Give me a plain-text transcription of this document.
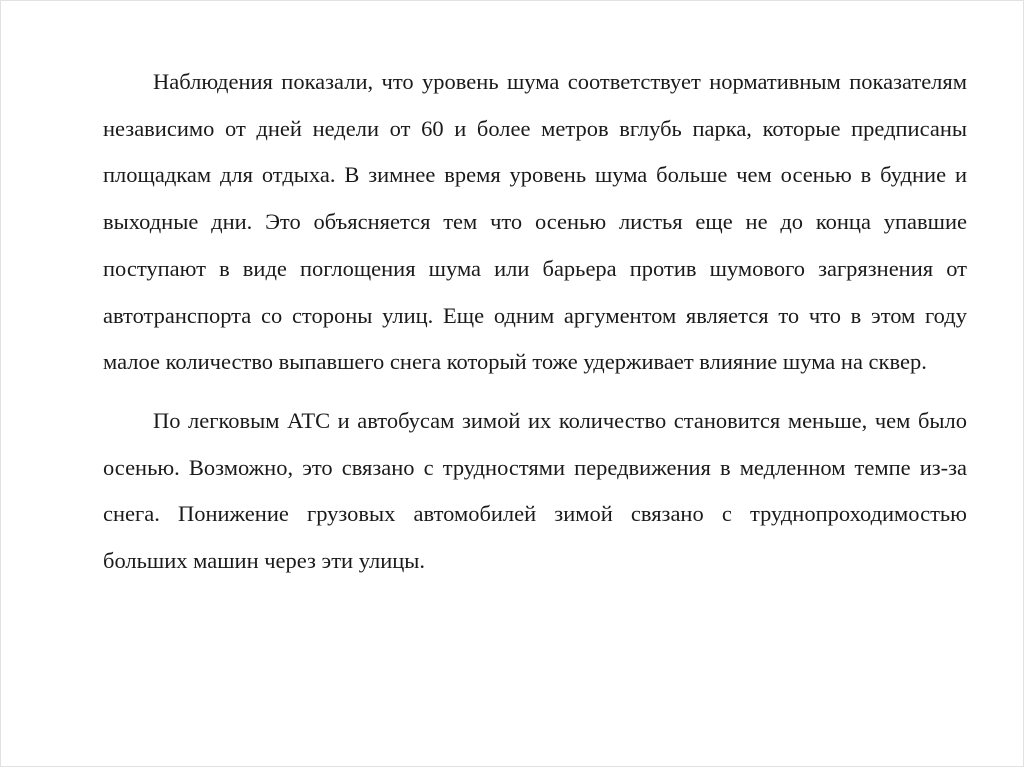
Наблюдения показали, что уровень шума соответствует нормативным показателям независимо от дней недели от 60 и более метров вглубь парка, которые предписаны площадкам для отдыха. В зимнее время уровень шума больше чем осенью в будние и выходные дни. Это объясняется тем что осенью листья еще не до конца упавшие поступают в виде поглощения шума или барьера против шумового загрязнения от автотранспорта со стороны улиц. Еще одним аргументом является то что в этом году малое количество выпавшего снега который тоже удерживает влияние шума на сквер.

По легковым АТС и автобусам зимой их количество становится меньше, чем было осенью. Возможно, это связано с трудностями передвижения в медленном темпе из-за снега. Понижение грузовых автомобилей зимой связано с труднопроходимостью больших машин через эти улицы.
